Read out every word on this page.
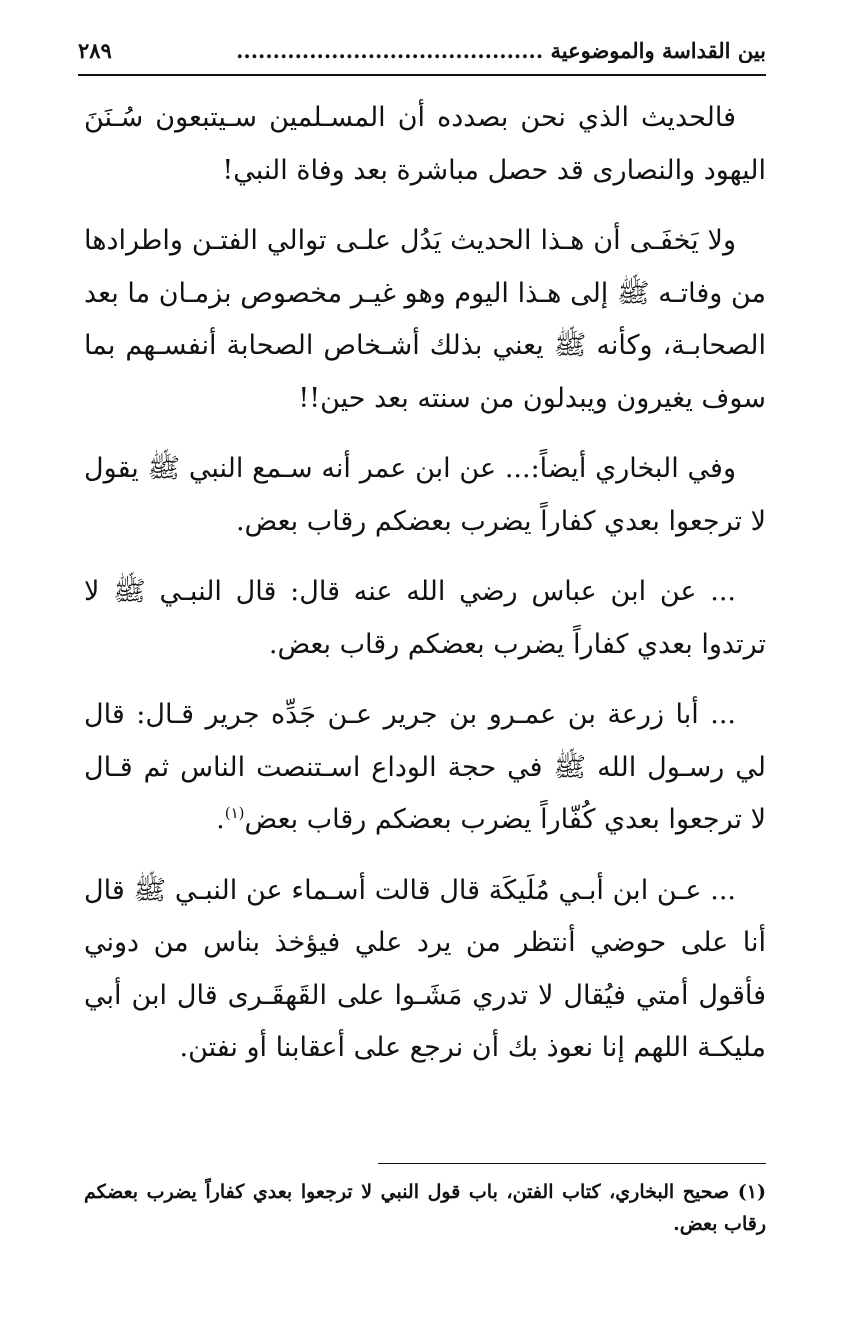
بين القداسة والموضوعية ..........................................
٢٨٩

فالحديث الذي نحن بصدده أن المسـلمين سـيتبعون سُـنَنَ اليهود والنصارى قد حصل مباشرة بعد وفاة النبي!

ولا يَخفَـى أن هـذا الحديث يَدُل علـى توالي الفتـن واطرادها من وفاتـه ﷺ إلى هـذا اليوم وهو غيـر مخصوص بزمـان ما بعد الصحابـة، وكأنه ﷺ يعني بذلك أشـخاص الصحابة أنفسـهم بما سوف يغيرون ويبدلون من سنته بعد حين!!

وفي البخاري أيضاً:... عن ابن عمر أنه سـمع النبي ﷺ يقول لا ترجعوا بعدي كفاراً يضرب بعضكم رقاب بعض.

... عن ابن عباس رضي الله عنه قال: قال النبـي ﷺ لا ترتدوا بعدي كفاراً يضرب بعضكم رقاب بعض.

... أبا زرعة بن عمـرو بن جرير عـن جَدِّه جرير قـال: قال لي رسـول الله ﷺ في حجة الوداع اسـتنصت الناس ثم قـال لا ترجعوا بعدي كُفّاراً يضرب بعضكم رقاب بعض$^{(١)}$.

... عـن ابن أبـي مُلَيكَة قال قالت أسـماء عن النبـي ﷺ قال أنا على حوضي أنتظر من يرد علي فيؤخذ بناس من دوني فأقول أمتي فيُقال لا تدري مَشَـوا على القَهقَـرى قال ابن أبي مليكـة اللهم إنا نعوذ بك أن نرجع على أعقابنا أو نفتن.

(١) صحيح البخاري، كتاب الفتن، باب قول النبي لا ترجعوا بعدي كفاراً يضرب بعضكم رقاب بعض.
